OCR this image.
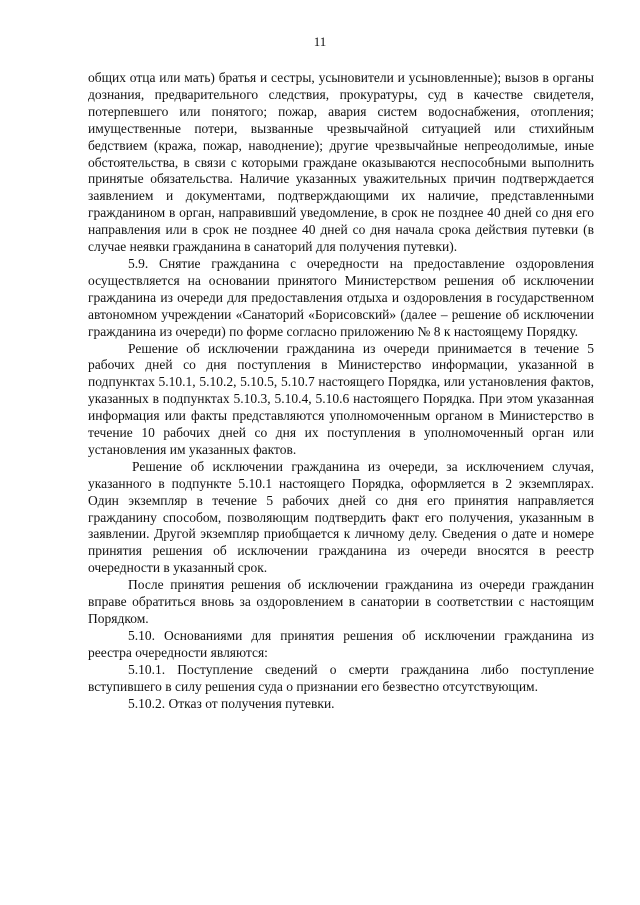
11

общих отца или мать) братья и сестры, усыновители и усыновленные); вызов в органы дознания, предварительного следствия, прокуратуры, суд в качестве свидетеля, потерпевшего или понятого; пожар, авария систем водоснабжения, отопления; имущественные потери, вызванные чрезвычайной ситуацией или стихийным бедствием (кража, пожар, наводнение); другие чрезвычайные непреодолимые, иные обстоятельства, в связи с которыми граждане оказываются неспособными выполнить принятые обязательства. Наличие указанных уважительных причин подтверждается заявлением и документами, подтверждающими их наличие, представленными гражданином в орган, направивший уведомление, в срок не позднее 40 дней со дня его направления или в срок не позднее 40 дней со дня начала срока действия путевки (в случае неявки гражданина в санаторий для получения путевки).

5.9. Снятие гражданина с очередности на предоставление оздоровления осуществляется на основании принятого Министерством решения об исключении гражданина из очереди для предоставления отдыха и оздоровления в государственном автономном учреждении «Санаторий «Борисовский» (далее – решение об исключении гражданина из очереди) по форме согласно приложению № 8 к настоящему Порядку.

Решение об исключении гражданина из очереди принимается в течение 5 рабочих дней со дня поступления в Министерство информации, указанной в подпунктах 5.10.1, 5.10.2, 5.10.5, 5.10.7 настоящего Порядка, или установления фактов, указанных в подпунктах 5.10.3, 5.10.4, 5.10.6 настоящего Порядка. При этом указанная информация или факты представляются уполномоченным органом в Министерство в течение 10 рабочих дней со дня их поступления в уполномоченный орган или установления им указанных фактов.

Решение об исключении гражданина из очереди, за исключением случая, указанного в подпункте 5.10.1 настоящего Порядка, оформляется в 2 экземплярах. Один экземпляр в течение 5 рабочих дней со дня его принятия направляется гражданину способом, позволяющим подтвердить факт его получения, указанным в заявлении. Другой экземпляр приобщается к личному делу. Сведения о дате и номере принятия решения об исключении гражданина из очереди вносятся в реестр очередности в указанный срок.

После принятия решения об исключении гражданина из очереди гражданин вправе обратиться вновь за оздоровлением в санатории в соответствии с настоящим Порядком.

5.10. Основаниями для принятия решения об исключении гражданина из реестра очередности являются:

5.10.1. Поступление сведений о смерти гражданина либо поступление вступившего в силу решения суда о признании его безвестно отсутствующим.

5.10.2. Отказ от получения путевки.
